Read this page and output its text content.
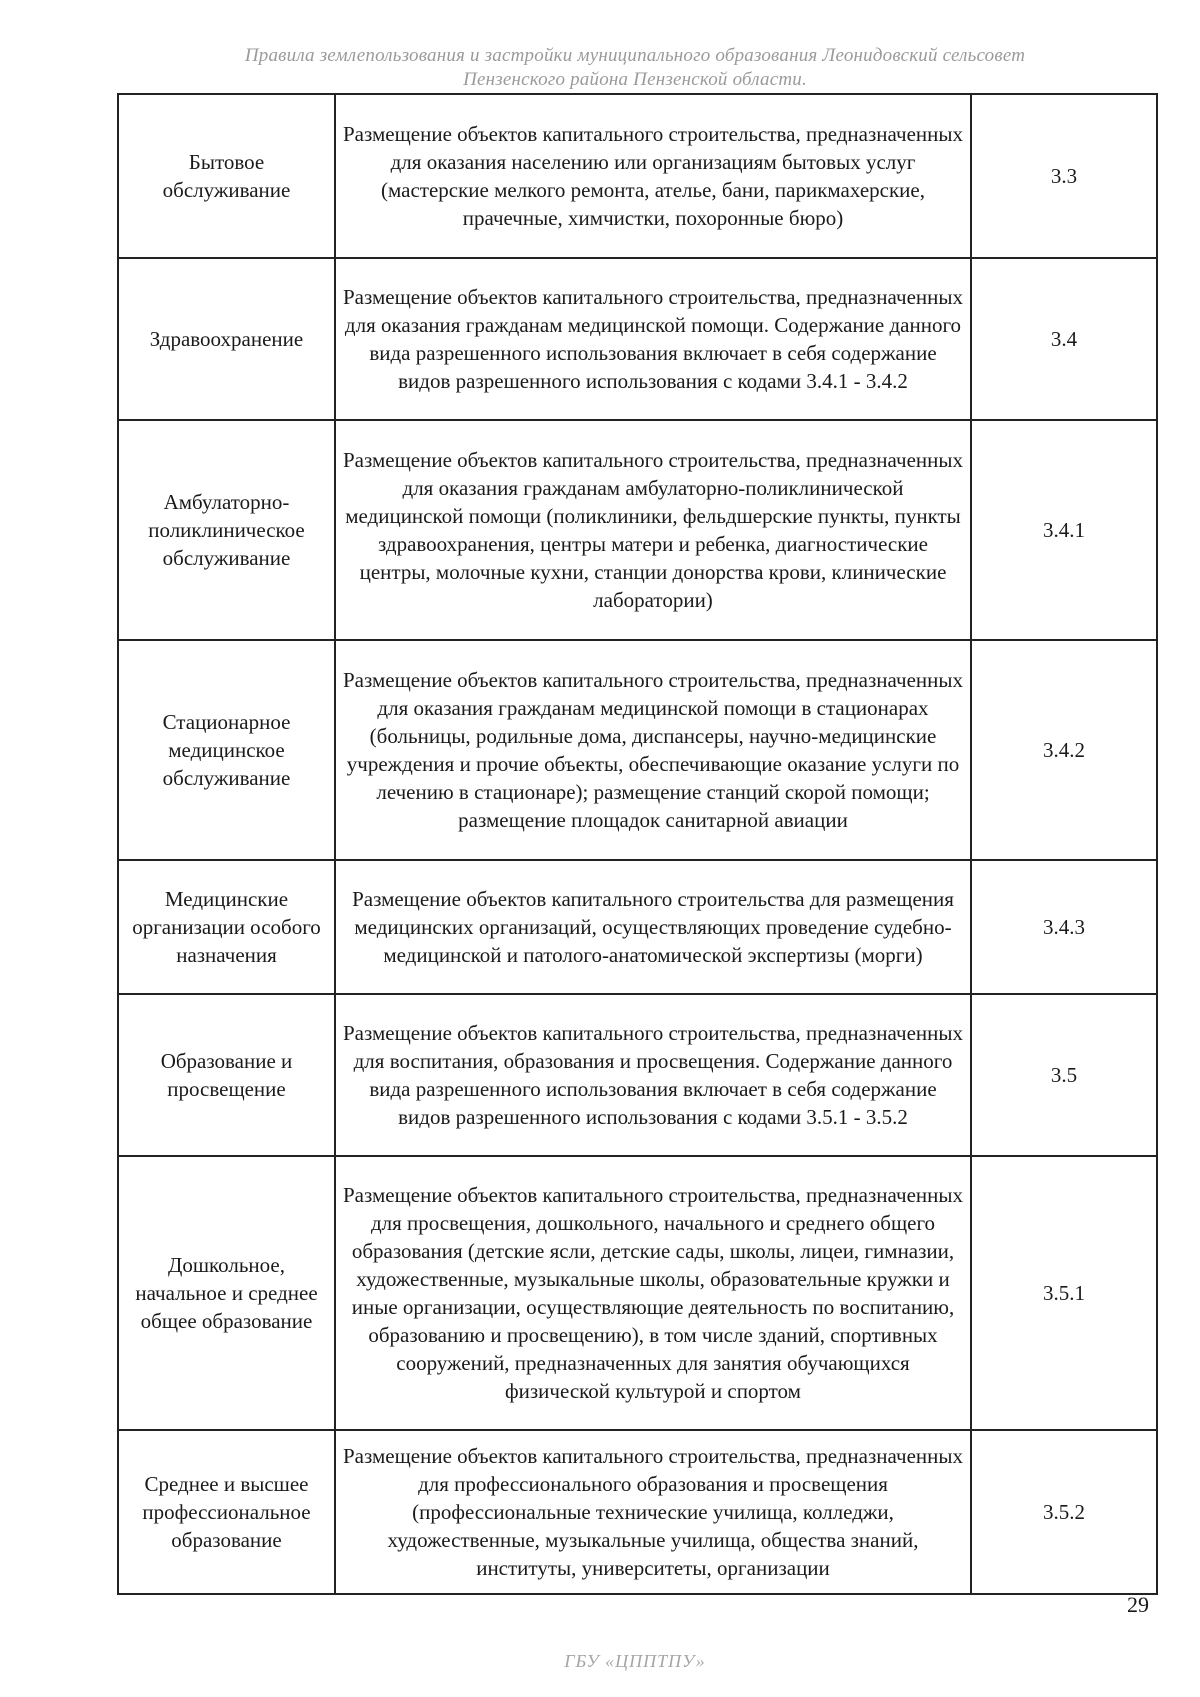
Правила землепользования и застройки муниципального образования Леонидовский сельсовет
Пензенского района Пензенской области.
Бытовое обслуживание	Размещение объектов капитального строительства, предназначенных для оказания населению или организациям бытовых услуг (мастерские мелкого ремонта, ателье, бани, парикмахерские, прачечные, химчистки, похоронные бюро)	3.3
Здравоохранение	Размещение объектов капитального строительства, предназначенных для оказания гражданам медицинской помощи. Содержание данного вида разрешенного использования включает в себя содержание видов разрешенного использования с кодами 3.4.1 - 3.4.2	3.4
Амбулаторно-поликлиническое обслуживание	Размещение объектов капитального строительства, предназначенных для оказания гражданам амбулаторно-поликлинической медицинской помощи (поликлиники, фельдшерские пункты, пункты здравоохранения, центры матери и ребенка, диагностические центры, молочные кухни, станции донорства крови, клинические лаборатории)	3.4.1
Стационарное медицинское обслуживание	Размещение объектов капитального строительства, предназначенных для оказания гражданам медицинской помощи в стационарах (больницы, родильные дома, диспансеры, научно-медицинские учреждения и прочие объекты, обеспечивающие оказание услуги по лечению в стационаре); размещение станций скорой помощи; размещение площадок санитарной авиации	3.4.2
Медицинские организации особого назначения	Размещение объектов капитального строительства для размещения медицинских организаций, осуществляющих проведение судебно-медицинской и патолого-анатомической экспертизы (морги)	3.4.3
Образование и просвещение	Размещение объектов капитального строительства, предназначенных для воспитания, образования и просвещения. Содержание данного вида разрешенного использования включает в себя содержание видов разрешенного использования с кодами 3.5.1 - 3.5.2	3.5
Дошкольное, начальное и среднее общее образование	Размещение объектов капитального строительства, предназначенных для просвещения, дошкольного, начального и среднего общего образования (детские ясли, детские сады, школы, лицеи, гимназии, художественные, музыкальные школы, образовательные кружки и иные организации, осуществляющие деятельность по воспитанию, образованию и просвещению), в том числе зданий, спортивных сооружений, предназначенных для занятия обучающихся физической культурой и спортом	3.5.1
Среднее и высшее профессиональное образование	Размещение объектов капитального строительства, предназначенных для профессионального образования и просвещения (профессиональные технические училища, колледжи, художественные, музыкальные училища, общества знаний, институты, университеты, организации	3.5.2
29
ГБУ «ЦППТПУ»
